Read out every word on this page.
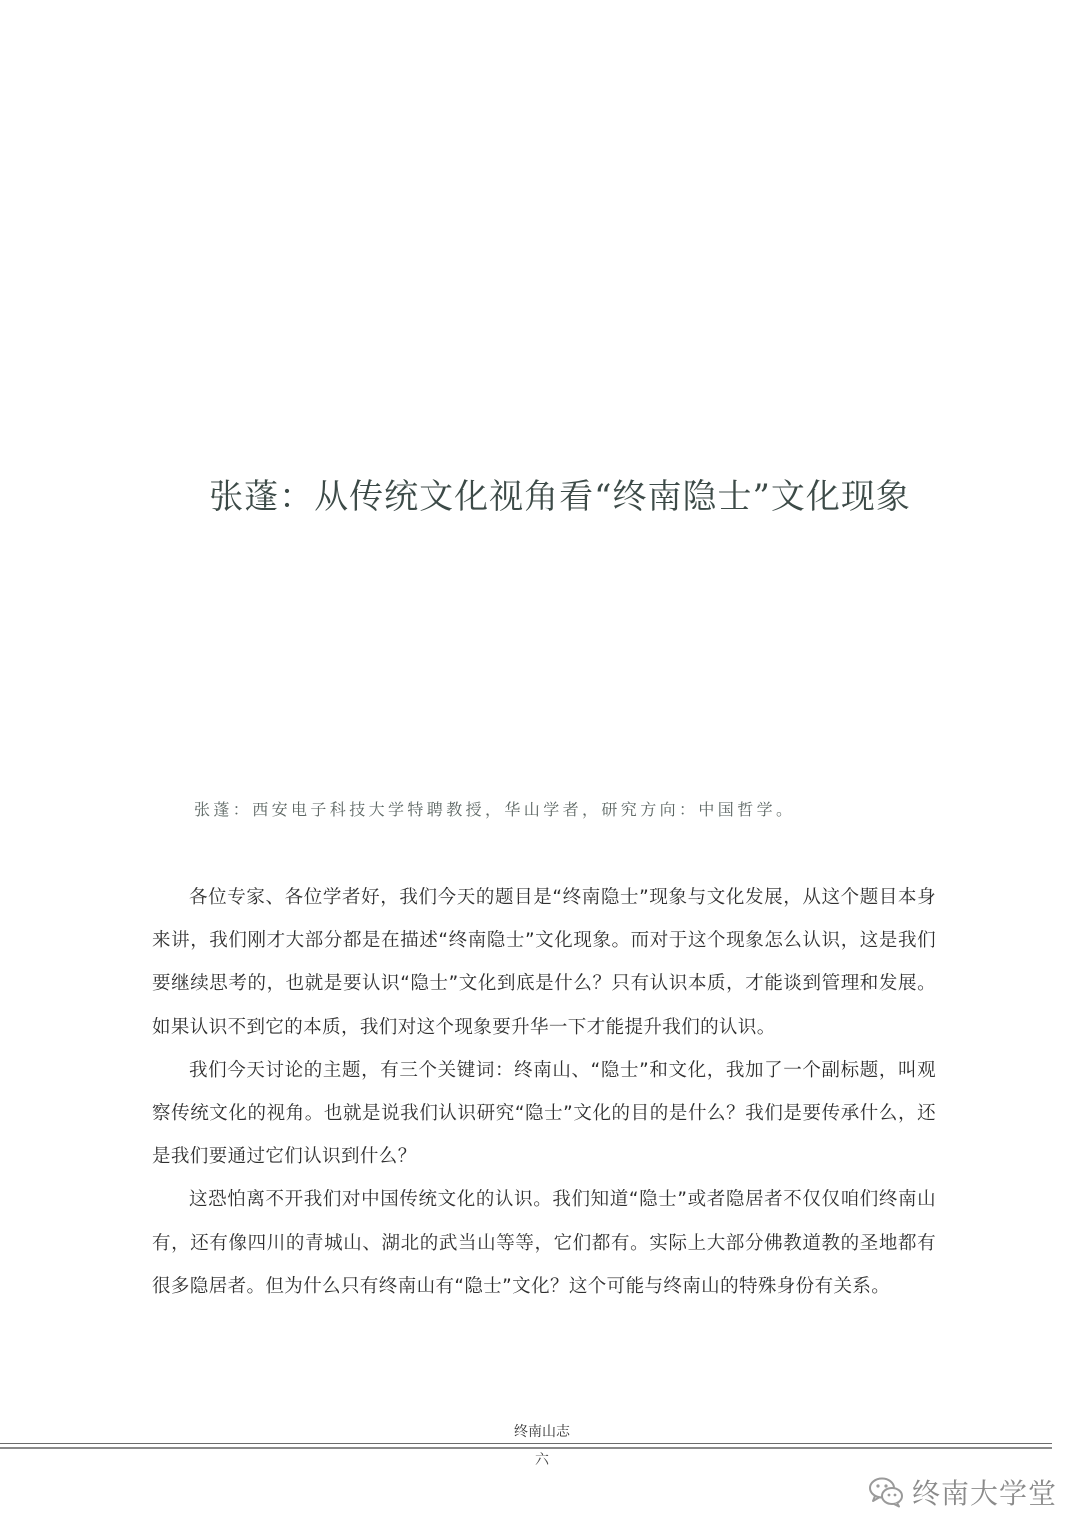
张蓬：从传统文化视角看“终南隐士”文化现象
张蓬：西安电子科技大学特聘教授，华山学者，研究方向：中国哲学。

各位专家、各位学者好，我们今天的题目是“终南隐士”现象与文化发展，从这个题目本身来讲，我们刚才大部分都是在描述“终南隐士”文化现象。而对于这个现象怎么认识，这是我们要继续思考的，也就是要认识“隐士”文化到底是什么？只有认识本质，才能谈到管理和发展。如果认识不到它的本质，我们对这个现象要升华一下才能提升我们的认识。

我们今天讨论的主题，有三个关键词：终南山、“隐士”和文化，我加了一个副标题，叫观察传统文化的视角。也就是说我们认识研究“隐士”文化的目的是什么？我们是要传承什么，还是我们要通过它们认识到什么？

这恐怕离不开我们对中国传统文化的认识。我们知道“隐士”或者隐居者不仅仅咱们终南山有，还有像四川的青城山、湖北的武当山等等，它们都有。实际上大部分佛教道教的圣地都有很多隐居者。但为什么只有终南山有“隐士”文化？这个可能与终南山的特殊身份有关系。

终南山志
六
终南大学堂
